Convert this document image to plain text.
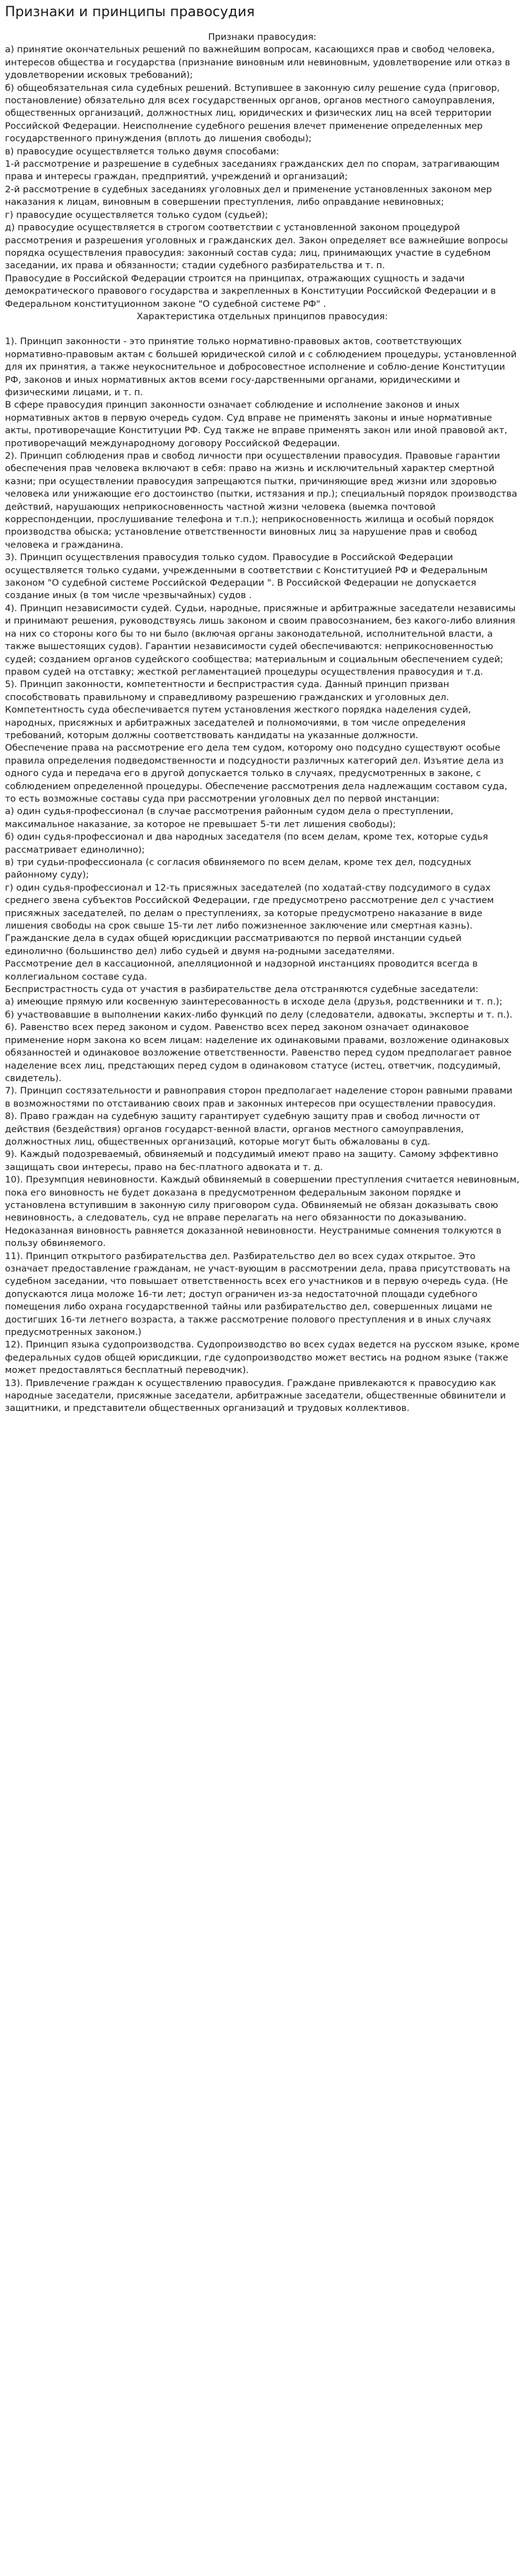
Признаки и принципы правосудия

Признаки правосудия:

а) принятие окончательных решений по важнейшим вопросам, касающихся прав и свобод человека, интересов общества и государства (признание виновным или невиновным, удовлетворение или отказ в удовлетворении исковых требований);

б) общеобязательная сила судебных решений. Вступившее в законную силу решение суда (приговор, постановление) обязательно для всех государственных органов, органов местного самоуправления, общественных организаций, должностных лиц, юридических и физических лиц на всей территории Российской Федерации. Неисполнение судебного решения влечет применение определенных мер государственного принуждения (вплоть до лишения свободы);

в) правосудие осуществляется только двумя способами:

1-й рассмотрение и разрешение в судебных заседаниях гражданских дел по спорам, затрагивающим права и интересы граждан, предприятий, учреждений и организаций;

2-й рассмотрение в судебных заседаниях уголовных дел и применение установленных законом мер наказания к лицам, виновным в совершении преступления, либо оправдание невиновных;

г) правосудие осуществляется только судом (судьей);

д) правосудие осуществляется в строгом соответствии с установленной законом процедурой рассмотрения и разрешения уголовных и гражданских дел. Закон определяет все важнейшие вопросы порядка осуществления правосудия: законный состав суда; лиц, принимающих участие в судебном заседании, их права и обязанности; стадии судебного разбирательства и т. п.

Правосудие в Российской Федерации строится на принципах, отражающих сущность и задачи демократического правового государства и закрепленных в Конституции Российской Федерации и в Федеральном конституционном законе "О судебной системе РФ" .

Характеристика отдельных принципов правосудия:

1). Принцип законности - это принятие только нормативно-правовых актов, соответствующих нормативно-правовым актам с большей юридической силой и с соблюдением процедуры, установленной для их принятия, а также неукоснительное и добросовестное исполнение и соблю-дение Конституции РФ, законов и иных нормативных актов всеми госу-дарственными органами, юридическими и физическими лицами, и т. п.

В сфере правосудия принцип законности означает соблюдение и исполнение законов и иных нормативных актов в первую очередь судом. Суд вправе не применять законы и иные нормативные акты, противоречащие Конституции РФ. Суд также не вправе применять закон или иной правовой акт, противоречащий международному договору Российской Федерации.

2). Принцип соблюдения прав и свобод личности при осуществлении правосудия. Правовые гарантии обеспечения прав человека включают в себя: право на жизнь и исключительный характер смертной казни; при осуществлении правосудия запрещаются пытки, причиняющие вред жизни или здоровью человека или унижающие его достоинство (пытки, истязания и пр.); специальный порядок производства действий, нарушающих неприкосновенность частной жизни человека (выемка почтовой корреспонденции, прослушивание телефона и т.п.); неприкосновенность жилища и особый порядок производства обыска; установление ответственности виновных лиц за нарушение прав и свобод человека и гражданина.

3). Принцип осуществления правосудия только судом. Правосудие в Российской Федерации осуществляется только судами, учрежденными в соответствии с Конституцией РФ и Федеральным законом "О судебной системе Российской Федерации ". В Российской Федерации не допускается создание иных (в том числе чрезвычайных) судов .

4). Принцип независимости судей. Судьи, народные, присяжные и арбитражные заседатели независимы и принимают решения, руководствуясь лишь законом и своим правосознанием, без какого-либо влияния на них со стороны кого бы то ни было (включая органы законодательной, исполнительной власти, а также вышестоящих судов). Гарантии независимости судей обеспечиваются: неприкосновенностью судей; созданием органов судейского сообщества; материальным и социальным обеспечением судей; правом судей на отставку; жесткой регламентацией процедуры осуществления правосудия и т.д.

5). Принцип законности, компетентности и беспристрастия суда. Данный принцип призван способствовать правильному и справедливому разрешению гражданских и уголовных дел. Компетентность суда обеспечивается путем установления жесткого порядка наделения судей, народных, присяжных и арбитражных заседателей и полномочиями, в том числе определения требований, которым должны соответствовать кандидаты на указанные должности.

Обеспечение права на рассмотрение его дела тем судом, которому оно подсудно существуют особые правила определения подведомственности и подсудности различных категорий дел. Изъятие дела из одного суда и передача его в другой допускается только в случаях, предусмотренных в законе, с соблюдением определенной процедуры. Обеспечение рассмотрения дела надлежащим составом суда, то есть возможные составы суда при рассмотрении уголовных дел по первой инстанции:

а) один судья-профессионал (в случае рассмотрения районным судом дела о преступлении, максимальное наказание, за которое не превышает 5-ти лет лишения свободы);

б) один судья-профессионал и два народных заседателя (по всем делам, кроме тех, которые судья рассматривает единолично);

в) три судьи-профессионала (с согласия обвиняемого по всем делам, кроме тех дел, подсудных районному суду);

г) один судья-профессионал и 12-ть присяжных заседателей (по ходатай-ству подсудимого в судах среднего звена субъектов Российской Федерации, где предусмотрено рассмотрение дел с участием присяжных заседателей, по делам о преступлениях, за которые предусмотрено наказание в виде лишения свободы на срок свыше 15-ти лет либо пожизненное заключение или смертная казнь).

Гражданские дела в судах общей юрисдикции рассматриваются по первой инстанции судьей единолично (большинство дел) либо судьей и двумя на-родными заседателями.

Рассмотрение дел в кассационной, апелляционной и надзорной инстанциях проводится всегда в коллегиальном составе суда.

Беспристрастность суда от участия в разбирательстве дела отстраняются судебные заседатели:

а) имеющие прямую или косвенную заинтересованность в исходе дела (друзья, родственники и т. п.);

б) участвовавшие в выполнении каких-либо функций по делу (следователи, адвокаты, эксперты и т. п.).

6). Равенство всех перед законом и судом. Равенство всех перед законом означает одинаковое применение норм закона ко всем лицам: наделение их одинаковыми правами, возложение одинаковых обязанностей и одинаковое возложение ответственности. Равенство перед судом предполагает равное наделение всех лиц, предстающих перед судом в одинаковом статусе (истец, ответчик, подсудимый, свидетель).

7). Принцип состязательности и равноправия сторон предполагает наделение сторон равными правами в возможностями по отстаиванию своих прав и законных интересов при осуществлении правосудия.

8). Право граждан на судебную защиту гарантирует судебную защиту прав и свобод личности от действия (бездействия) органов государст-венной власти, органов местного самоуправления, должностных лиц, общественных организаций, которые могут быть обжалованы в суд.

9). Каждый подозреваемый, обвиняемый и подсудимый имеют право на защиту. Самому эффективно защищать свои интересы, право на бес-платного адвоката и т. д.

10). Презумпция невиновности. Каждый обвиняемый в совершении преступления считается невиновным, пока его виновность не будет доказана в предусмотренном федеральным законом порядке и установлена вступившим в законную силу приговором суда. Обвиняемый не обязан доказывать свою невиновность, а следователь, суд не вправе перелагать на него обязанности по доказыванию. Недоказанная виновность равняется доказанной невиновности. Неустранимые сомнения толкуются в пользу обвиняемого.

11). Принцип открытого разбирательства дел. Разбирательство дел во всех судах открытое. Это означает предоставление гражданам, не участ-вующим в рассмотрении дела, права присутствовать на судебном заседании, что повышает ответственность всех его участников и в первую очередь суда. (Не допускаются лица моложе 16-ти лет; доступ ограничен из-за недостаточной площади судебного помещения либо охрана государственной тайны или разбирательство дел, совершенных лицами не достигших 16-ти летнего возраста, а также рассмотрение полового преступления и в иных случаях предусмотренных законом.)

12). Принцип языка судопроизводства. Судопроизводство во всех судах ведется на русском языке, кроме федеральных судов общей юрисдикции, где судопроизводство может вестись на родном языке (также может предоставляться бесплатный переводчик).

13). Привлечение граждан к осуществлению правосудия. Граждане привлекаются к правосудию как народные заседатели, присяжные заседатели, арбитражные заседатели, общественные обвинители и защитники, и представители общественных организаций и трудовых коллективов.
